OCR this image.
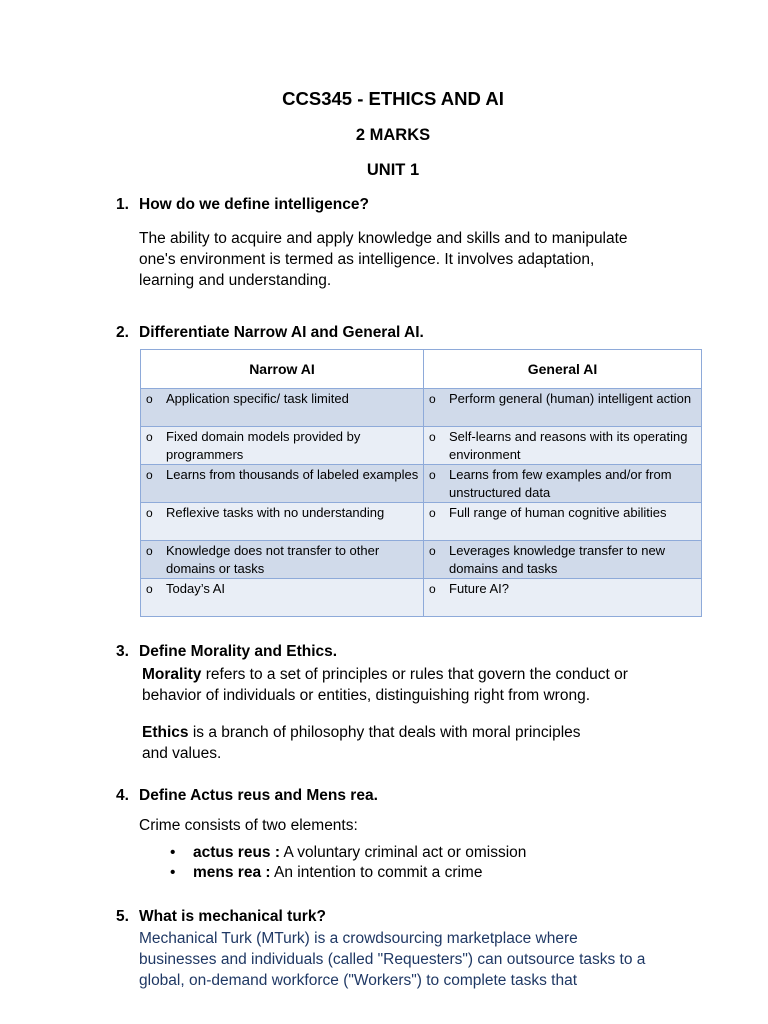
CCS345 - ETHICS AND AI
2 MARKS
UNIT 1
1. How do we define intelligence?
The ability to acquire and apply knowledge and skills and to manipulate
one's environment is termed as intelligence. It involves adaptation,
learning and understanding.
2. Differentiate Narrow AI and General AI.
Narrow AI	General AI

o Application specific/ task limited	o Perform general (human) intelligent action

o Fixed domain models provided by programmers	o Self-learns and reasons with its operating environment

o Learns from thousands of labeled examples	o Learns from few examples and/or from unstructured data

o Reflexive tasks with no understanding	o Full range of human cognitive abilities

o Knowledge does not transfer to other domains or tasks	o Leverages knowledge transfer to new domains and tasks

o Today’s AI	o Future AI?
3. Define Morality and Ethics.
Morality refers to a set of principles or rules that govern the conduct or
behavior of individuals or entities, distinguishing right from wrong.
Ethics is a branch of philosophy that deals with moral principles
and values.
4. Define Actus reus and Mens rea.
Crime consists of two elements:
•	actus reus : A voluntary criminal act or omission
•	mens rea : An intention to commit a crime
5. What is mechanical turk?
Mechanical Turk (MTurk) is a crowdsourcing marketplace where
businesses and individuals (called "Requesters") can outsource tasks to a
global, on-demand workforce ("Workers") to complete tasks that
